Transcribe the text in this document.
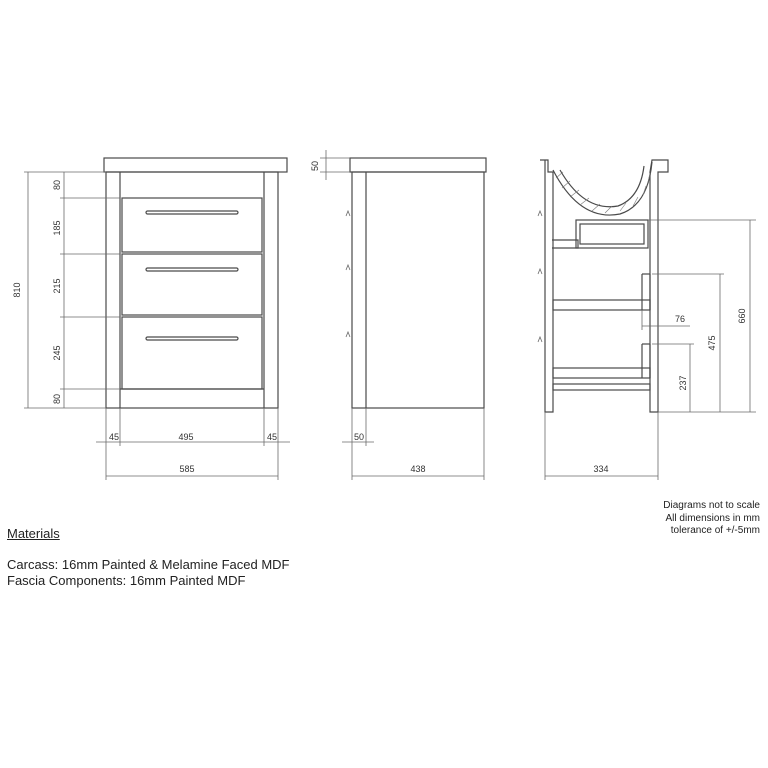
810
80
185
215
245
80
45	495	45
585
50
50
438
660
475
237
76
334
Diagrams not to scale
All dimensions in mm
tolerance of +/-5mm
Materials
Carcass: 16mm Painted & Melamine Faced MDF
Fascia Components: 16mm Painted MDF
